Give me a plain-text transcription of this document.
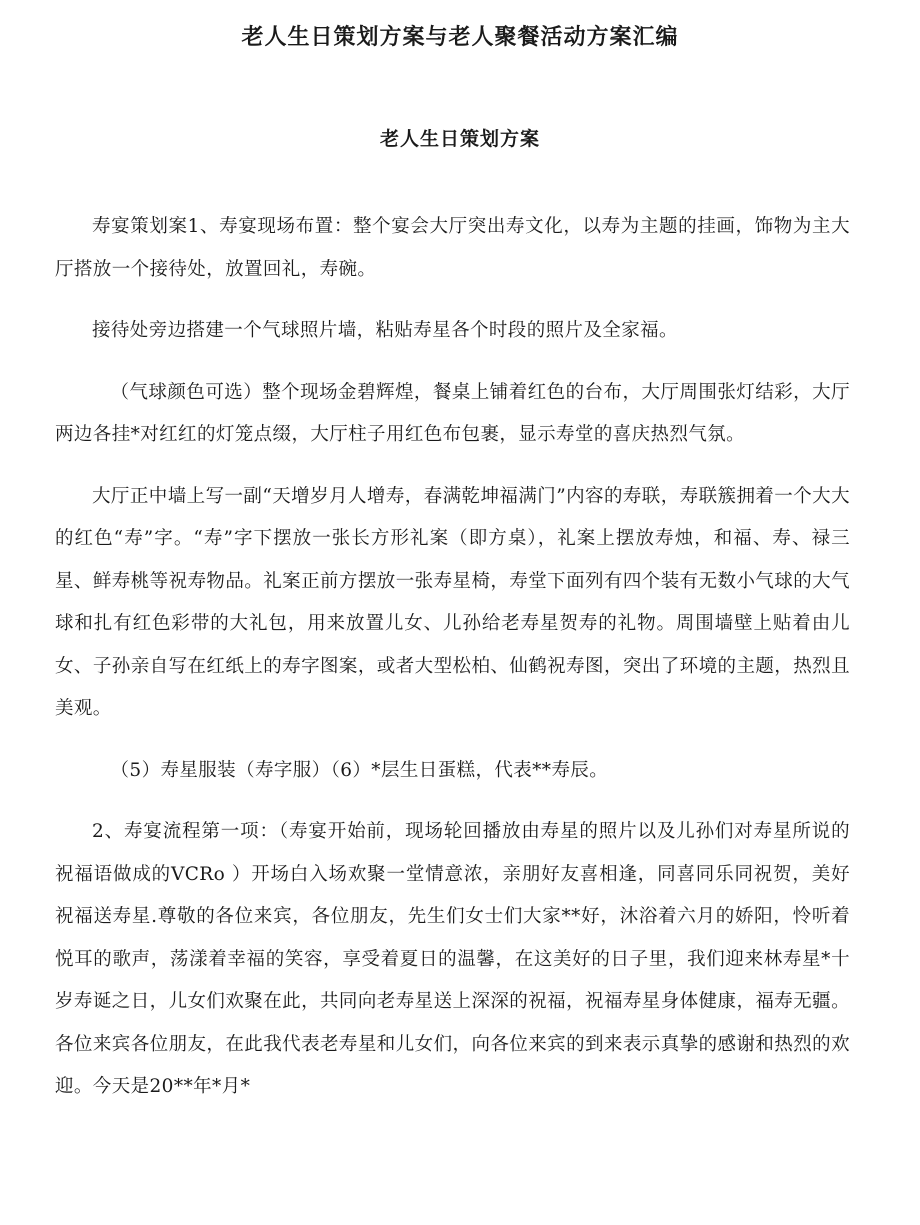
老人生日策划方案与老人聚餐活动方案汇编
老人生日策划方案

寿宴策划案1、寿宴现场布置：整个宴会大厅突出寿文化，以寿为主题的挂画，饰物为主大厅搭放一个接待处，放置回礼，寿碗。

接待处旁边搭建一个气球照片墙，粘贴寿星各个时段的照片及全家福。

（气球颜色可选）整个现场金碧辉煌，餐桌上铺着红色的台布，大厅周围张灯结彩，大厅两边各挂*对红红的灯笼点缀，大厅柱子用红色布包裹，显示寿堂的喜庆热烈气氛。

大厅正中墙上写一副“天增岁月人增寿，春满乾坤福满门”内容的寿联，寿联簇拥着一个大大的红色“寿”字。“寿”字下摆放一张长方形礼案（即方桌），礼案上摆放寿烛，和福、寿、禄三星、鲜寿桃等祝寿物品。礼案正前方摆放一张寿星椅，寿堂下面列有四个装有无数小气球的大气球和扎有红色彩带的大礼包，用来放置儿女、儿孙给老寿星贺寿的礼物。周围墙壁上贴着由儿女、子孙亲自写在红纸上的寿字图案，或者大型松柏、仙鹤祝寿图，突出了环境的主题，热烈且美观。

（5）寿星服装（寿字服）（6）*层生日蛋糕，代表**寿辰。

2、寿宴流程第一项：（寿宴开始前，现场轮回播放由寿星的照片以及儿孙们对寿星所说的祝福语做成的VCRo ）开场白入场欢聚一堂情意浓，亲朋好友喜相逢，同喜同乐同祝贺，美好祝福送寿星.尊敬的各位来宾，各位朋友，先生们女士们大家**好，沐浴着六月的娇阳，怜听着悦耳的歌声，荡漾着幸福的笑容，享受着夏日的温馨，在这美好的日子里，我们迎来林寿星*十岁寿诞之日，儿女们欢聚在此，共同向老寿星送上深深的祝福，祝福寿星身体健康，福寿无疆。各位来宾各位朋友，在此我代表老寿星和儿女们，向各位来宾的到来表示真挚的感谢和热烈的欢迎。今天是20**年*月*
